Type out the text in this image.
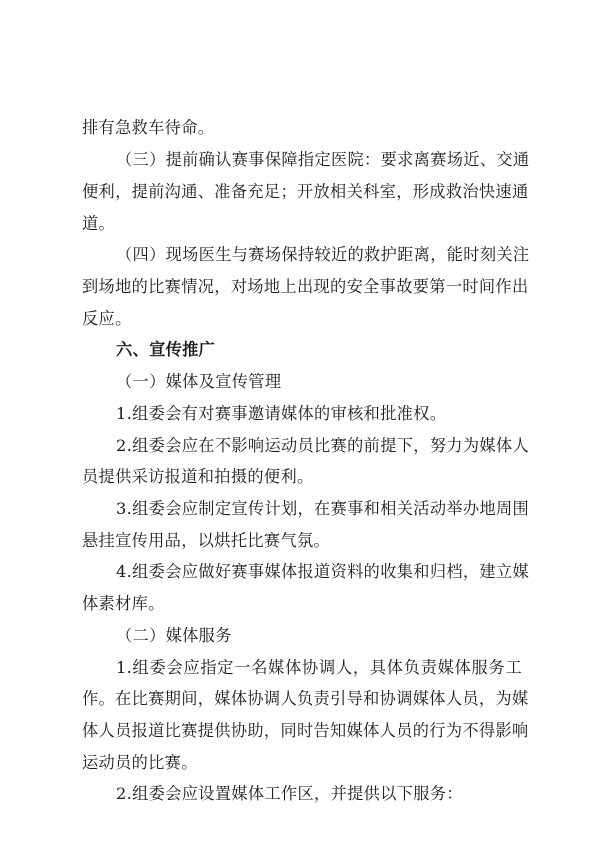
排有急救车待命。
（三）提前确认赛事保障指定医院：要求离赛场近、交通
便利，提前沟通、准备充足；开放相关科室，形成救治快速通
道。
（四）现场医生与赛场保持较近的救护距离，能时刻关注
到场地的比赛情况，对场地上出现的安全事故要第一时间作出
反应。
六、宣传推广
（一）媒体及宣传管理
1.组委会有对赛事邀请媒体的审核和批准权。
2.组委会应在不影响运动员比赛的前提下，努力为媒体人
员提供采访报道和拍摄的便利。
3.组委会应制定宣传计划，在赛事和相关活动举办地周围
悬挂宣传用品，以烘托比赛气氛。
4.组委会应做好赛事媒体报道资料的收集和归档，建立媒
体素材库。
（二）媒体服务
1.组委会应指定一名媒体协调人，具体负责媒体服务工
作。在比赛期间，媒体协调人负责引导和协调媒体人员，为媒
体人员报道比赛提供协助，同时告知媒体人员的行为不得影响
运动员的比赛。
2.组委会应设置媒体工作区，并提供以下服务：
